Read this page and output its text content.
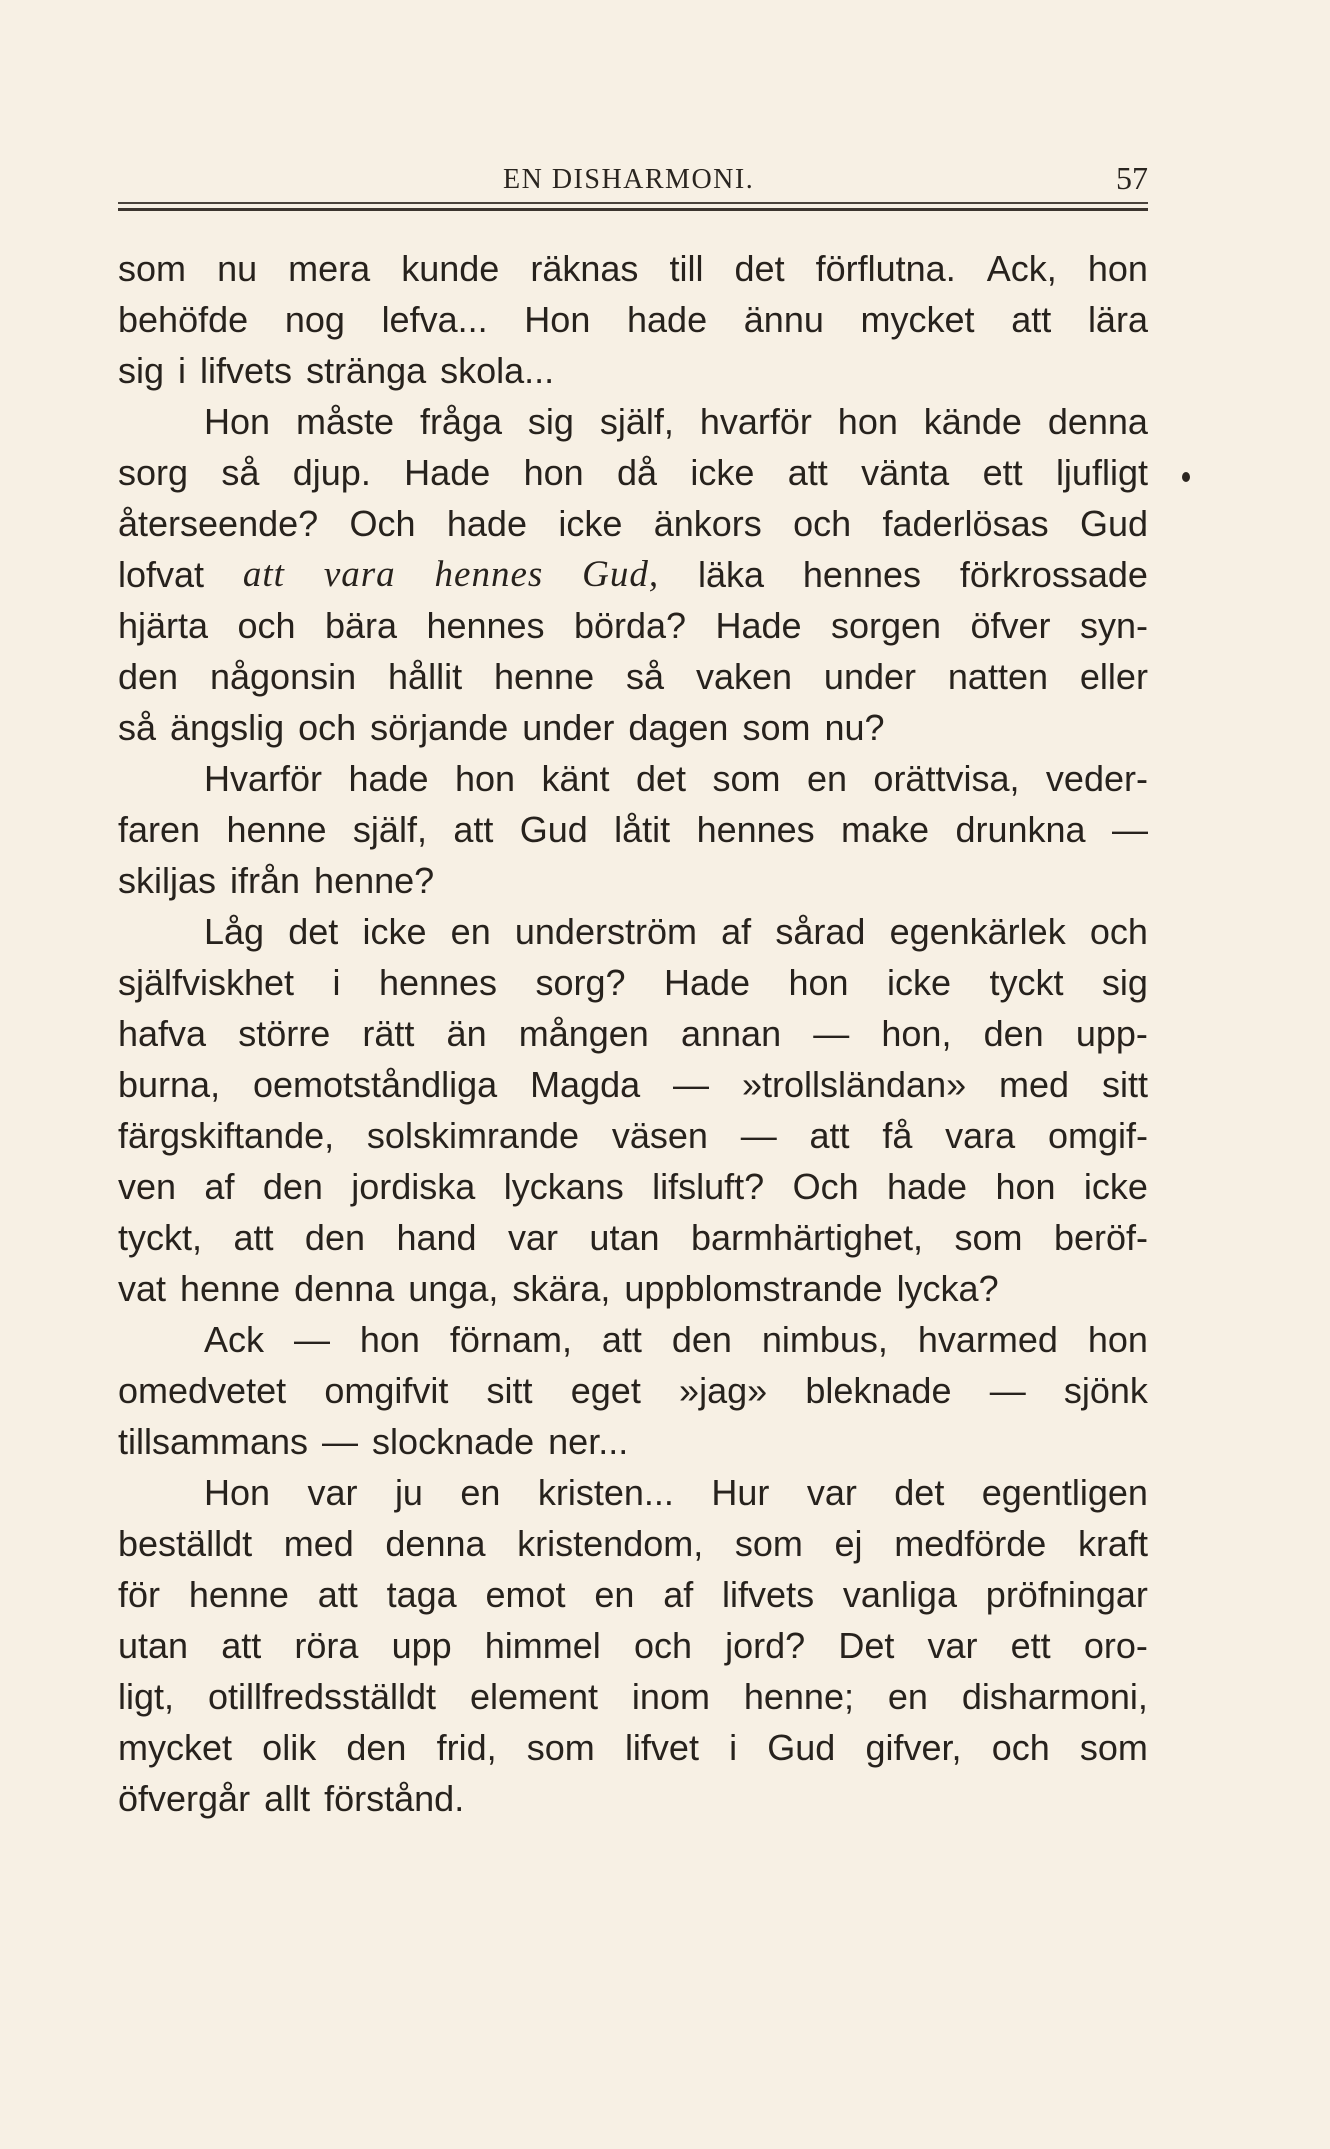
EN DISHARMONI.	57
som nu mera kunde räknas till det förflutna. Ack, hon
behöfde nog lefva... Hon hade ännu mycket att lära
sig i lifvets stränga skola...
Hon måste fråga sig själf, hvarför hon kände denna
sorg så djup. Hade hon då icke att vänta ett ljufligt
återseende? Och hade icke änkors och faderlösas Gud
lofvat att vara hennes Gud, läka hennes förkrossade
hjärta och bära hennes börda? Hade sorgen öfver syn-
den någonsin hållit henne så vaken under natten eller
så ängslig och sörjande under dagen som nu?
Hvarför hade hon känt det som en orättvisa, veder-
faren henne själf, att Gud låtit hennes make drunkna —
skiljas ifrån henne?
Låg det icke en underström af sårad egenkärlek och
själfviskhet i hennes sorg? Hade hon icke tyckt sig
hafva större rätt än mången annan — hon, den upp-
burna, oemotståndliga Magda — »trollsländan» med sitt
färgskiftande, solskimrande väsen — att få vara omgif-
ven af den jordiska lyckans lifsluft? Och hade hon icke
tyckt, att den hand var utan barmhärtighet, som beröf-
vat henne denna unga, skära, uppblomstrande lycka?
Ack — hon förnam, att den nimbus, hvarmed hon
omedvetet omgifvit sitt eget »jag» bleknade — sjönk
tillsammans — slocknade ner...
Hon var ju en kristen... Hur var det egentligen
beställdt med denna kristendom, som ej medförde kraft
för henne att taga emot en af lifvets vanliga pröfningar
utan att röra upp himmel och jord? Det var ett oro-
ligt, otillfredsställdt element inom henne; en disharmoni,
mycket olik den frid, som lifvet i Gud gifver, och som
öfvergår allt förstånd.
